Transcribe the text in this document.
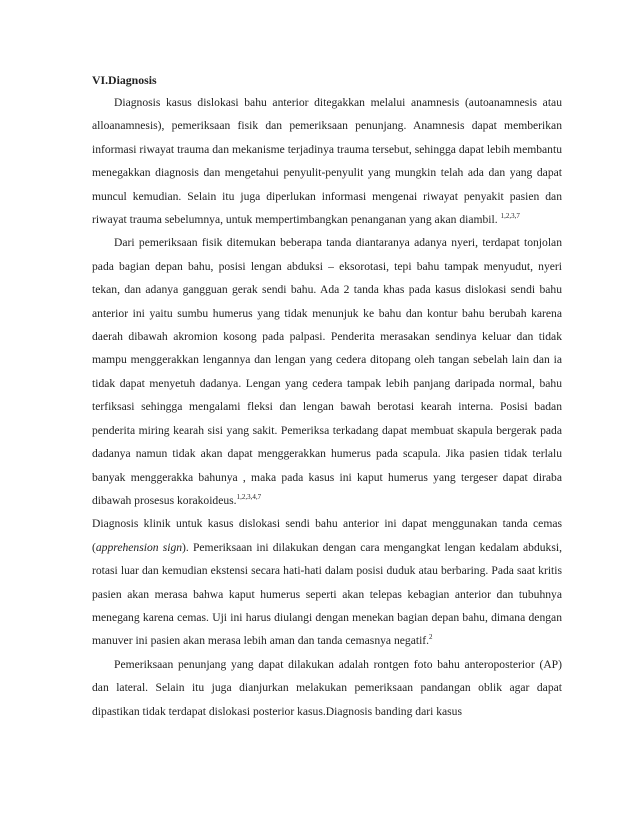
VI.Diagnosis

Diagnosis kasus dislokasi bahu anterior ditegakkan melalui anamnesis (autoanamnesis atau alloanamnesis), pemeriksaan fisik dan pemeriksaan penunjang. Anamnesis dapat memberikan informasi riwayat trauma dan mekanisme terjadinya trauma tersebut, sehingga dapat lebih membantu menegakkan diagnosis dan mengetahui penyulit-penyulit yang mungkin telah ada dan yang dapat muncul kemudian. Selain itu juga diperlukan informasi mengenai riwayat penyakit pasien dan riwayat trauma sebelumnya, untuk mempertimbangkan penanganan yang akan diambil. $^{1,2,3,7}$

Dari pemeriksaan fisik ditemukan beberapa tanda diantaranya adanya nyeri, terdapat tonjolan pada bagian depan bahu, posisi lengan abduksi – eksorotasi, tepi bahu tampak menyudut, nyeri tekan, dan adanya gangguan gerak sendi bahu. Ada 2 tanda khas pada kasus dislokasi sendi bahu anterior ini yaitu sumbu humerus yang tidak menunjuk ke bahu dan kontur bahu berubah karena daerah dibawah akromion kosong pada palpasi. Penderita merasakan sendinya keluar dan tidak mampu menggerakkan lengannya dan lengan yang cedera ditopang oleh tangan sebelah lain dan ia tidak dapat menyetuh dadanya. Lengan yang cedera tampak lebih panjang daripada normal, bahu terfiksasi sehingga mengalami fleksi dan lengan bawah berotasi kearah interna. Posisi badan penderita miring kearah sisi yang sakit. Pemeriksa terkadang dapat membuat skapula bergerak pada dadanya namun tidak akan dapat menggerakkan humerus pada scapula. Jika pasien tidak terlalu banyak menggerakka bahunya , maka pada kasus ini kaput humerus yang tergeser dapat diraba dibawah prosesus korakoideus.$^{1,2,3,4,7}$

Diagnosis klinik untuk kasus dislokasi sendi bahu anterior ini dapat menggunakan tanda cemas (apprehension sign). Pemeriksaan ini dilakukan dengan cara mengangkat lengan kedalam abduksi, rotasi luar dan kemudian ekstensi secara hati-hati dalam posisi duduk atau berbaring. Pada saat kritis pasien akan merasa bahwa kaput humerus seperti akan telepas kebagian anterior dan tubuhnya menegang karena cemas. Uji ini harus diulangi dengan menekan bagian depan bahu, dimana dengan manuver ini pasien akan merasa lebih aman dan tanda cemasnya negatif.$^2$

Pemeriksaan penunjang yang dapat dilakukan adalah rontgen foto bahu anteroposterior (AP) dan lateral. Selain itu juga dianjurkan melakukan pemeriksaan pandangan oblik agar dapat dipastikan tidak terdapat dislokasi posterior kasus.Diagnosis banding dari kasus
